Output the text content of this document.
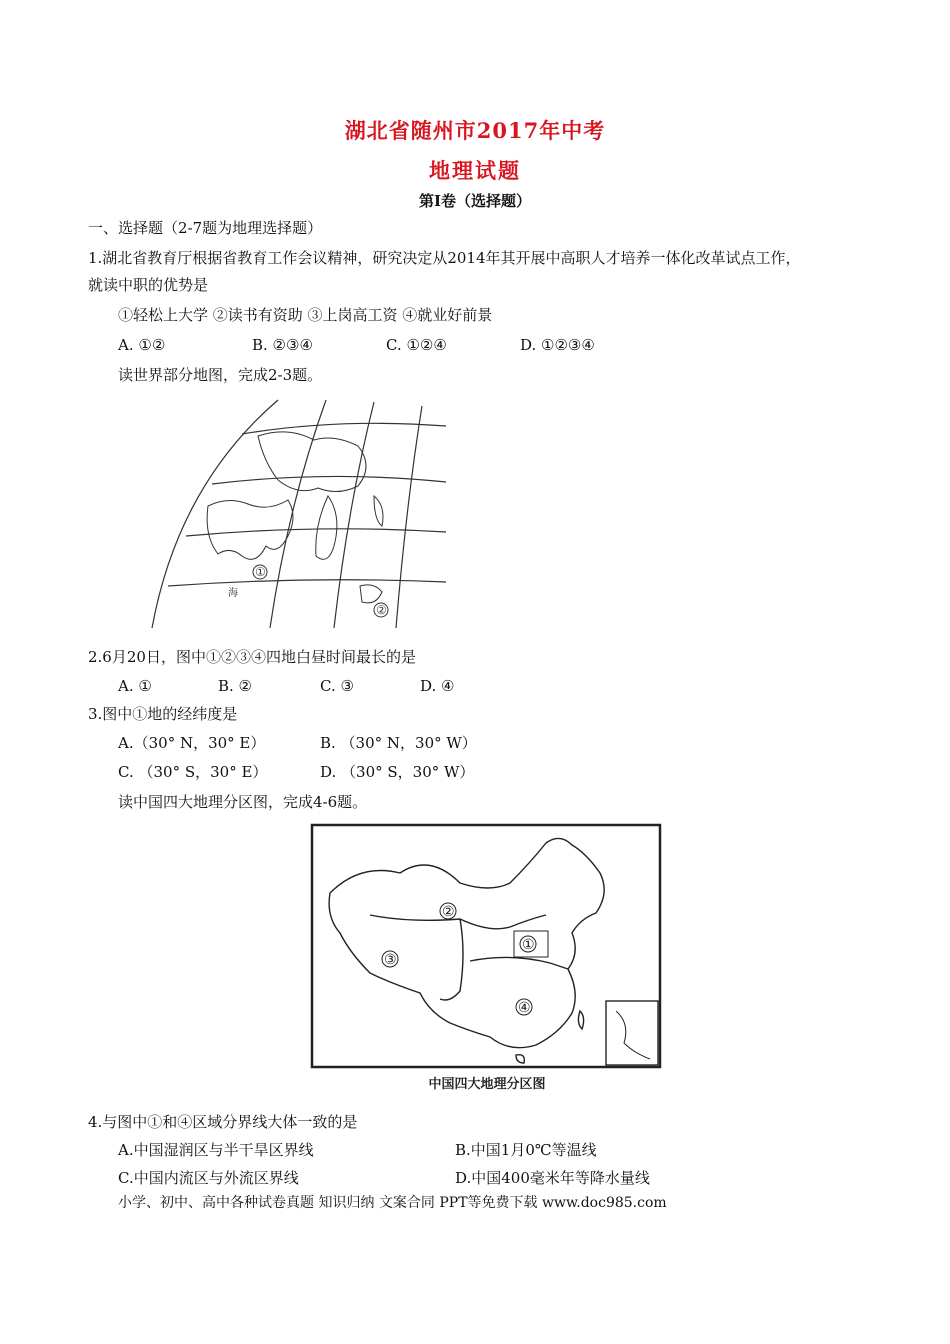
湖北省随州市2017年中考
地理试题
第Ⅰ卷（选择题）
一、选择题（2-7题为地理选择题）
1.湖北省教育厅根据省教育工作会议精神，研究决定从2014年其开展中高职人才培养一体化改革试点工作，
就读中职的优势是
①轻松上大学 ②读书有资助 ③上岗高工资 ④就业好前景
A. ①②	B. ②③④	C. ①②④	D. ①②③④
读世界部分地图，完成2-3题。
①
②
海
2.6月20日，图中①②③④四地白昼时间最长的是
A. ①	B. ②	C. ③	D. ④
3.图中①地的经纬度是
A.（30° N，30° E）	B. （30° N，30° W）
C. （30° S，30° E）	D. （30° S，30° W）
读中国四大地理分区图，完成4-6题。
①
②
③
④
中国四大地理分区图
4.与图中①和④区域分界线大体一致的是
A.中国湿润区与半干旱区界线	B.中国1月0℃等温线
C.中国内流区与外流区界线	D.中国400毫米年等降水量线
小学、初中、高中各种试卷真题 知识归纳 文案合同 PPT等免费下载 www.doc985.com
